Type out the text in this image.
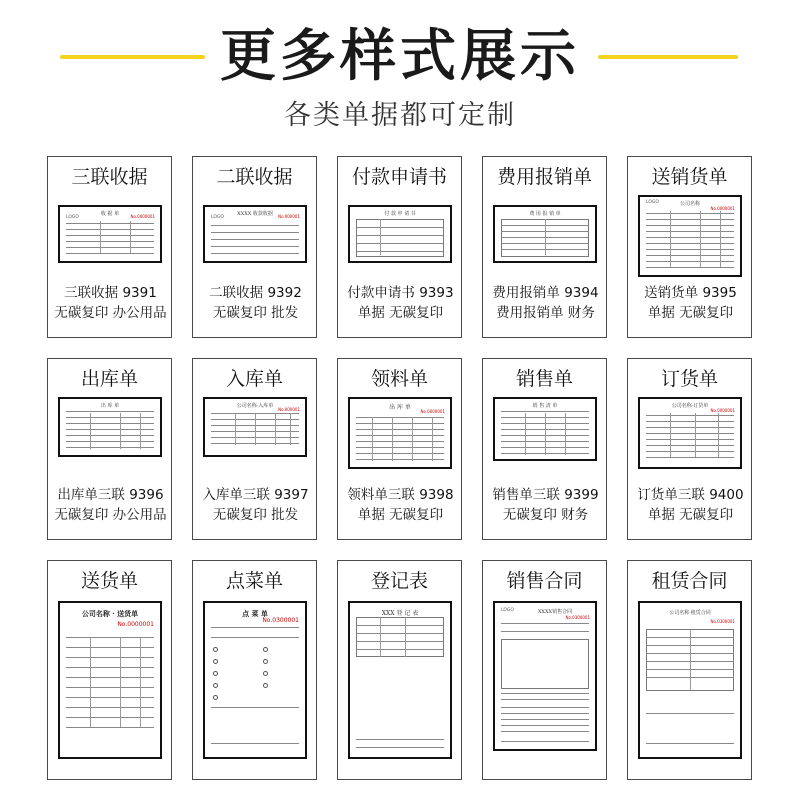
更多样式展示
各类单据都可定制
三联收据
收 据 单
LOGO	No.0000001
三联收据 9391
无碳复印 办公用品
二联收据
XXXX 收款收据
LOGO	No.000001
二联收据 9392
无碳复印 批发
付款申请书
付 款 申 请 书
付款申请书 9393
单据 无碳复印
费用报销单
费 用 报 销 单
费用报销单 9394
费用报销单 财务
送销货单
LOGO	公司名称
No.0000001
送销货单 9395
单据 无碳复印
出库单
出 库 单
出库单三联 9396
无碳复印 办公用品
入库单
公司名称·入库单
No.000001
入库单三联 9397
无碳复印 批发
领料单
出 库 单
No.0000001
领料单三联 9398
单据 无碳复印
销售单
销 售 清 单
销售单三联 9399
无碳复印 财务
订货单
公司名称·订货单
No.0000001
订货单三联 9400
单据 无碳复印
送货单
公司名称 · 送货单
No.0000001
点菜单
点 菜 单
No.0300001
登记表
XXX 登 记 表
销售合同
LOGO	XXXX销售合同
No.0300001
租赁合同
公司名称·租赁合同
No.0300001
